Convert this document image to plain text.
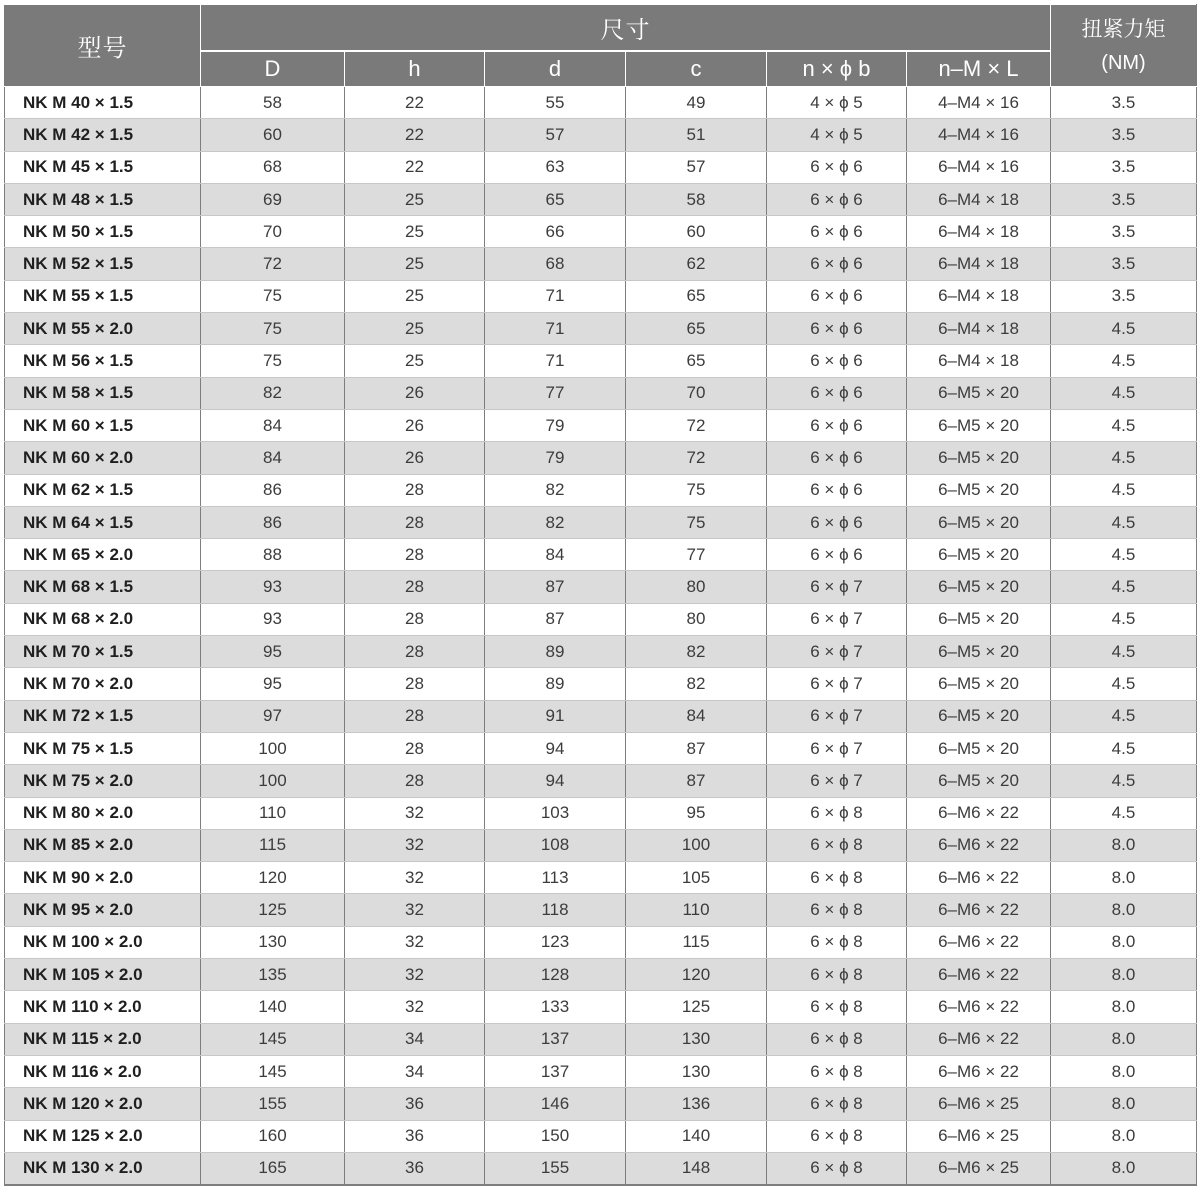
型号	尺寸						扭紧力矩
(NM)

	D	h	d	c	n × ϕ b	n–M × L	
NK M 40 × 1.5	58	22	55	49	4 × ϕ 5	4–M4 × 16	3.5
NK M 42 × 1.5	60	22	57	51	4 × ϕ 5	4–M4 × 16	3.5
NK M 45 × 1.5	68	22	63	57	6 × ϕ 6	6–M4 × 16	3.5
NK M 48 × 1.5	69	25	65	58	6 × ϕ 6	6–M4 × 18	3.5
NK M 50 × 1.5	70	25	66	60	6 × ϕ 6	6–M4 × 18	3.5
NK M 52 × 1.5	72	25	68	62	6 × ϕ 6	6–M4 × 18	3.5
NK M 55 × 1.5	75	25	71	65	6 × ϕ 6	6–M4 × 18	3.5
NK M 55 × 2.0	75	25	71	65	6 × ϕ 6	6–M4 × 18	4.5
NK M 56 × 1.5	75	25	71	65	6 × ϕ 6	6–M4 × 18	4.5
NK M 58 × 1.5	82	26	77	70	6 × ϕ 6	6–M5 × 20	4.5
NK M 60 × 1.5	84	26	79	72	6 × ϕ 6	6–M5 × 20	4.5
NK M 60 × 2.0	84	26	79	72	6 × ϕ 6	6–M5 × 20	4.5
NK M 62 × 1.5	86	28	82	75	6 × ϕ 6	6–M5 × 20	4.5
NK M 64 × 1.5	86	28	82	75	6 × ϕ 6	6–M5 × 20	4.5
NK M 65 × 2.0	88	28	84	77	6 × ϕ 6	6–M5 × 20	4.5
NK M 68 × 1.5	93	28	87	80	6 × ϕ 7	6–M5 × 20	4.5
NK M 68 × 2.0	93	28	87	80	6 × ϕ 7	6–M5 × 20	4.5
NK M 70 × 1.5	95	28	89	82	6 × ϕ 7	6–M5 × 20	4.5
NK M 70 × 2.0	95	28	89	82	6 × ϕ 7	6–M5 × 20	4.5
NK M 72 × 1.5	97	28	91	84	6 × ϕ 7	6–M5 × 20	4.5
NK M 75 × 1.5	100	28	94	87	6 × ϕ 7	6–M5 × 20	4.5
NK M 75 × 2.0	100	28	94	87	6 × ϕ 7	6–M5 × 20	4.5
NK M 80 × 2.0	110	32	103	95	6 × ϕ 8	6–M6 × 22	4.5
NK M 85 × 2.0	115	32	108	100	6 × ϕ 8	6–M6 × 22	8.0
NK M 90 × 2.0	120	32	113	105	6 × ϕ 8	6–M6 × 22	8.0
NK M 95 × 2.0	125	32	118	110	6 × ϕ 8	6–M6 × 22	8.0
NK M 100 × 2.0	130	32	123	115	6 × ϕ 8	6–M6 × 22	8.0
NK M 105 × 2.0	135	32	128	120	6 × ϕ 8	6–M6 × 22	8.0
NK M 110 × 2.0	140	32	133	125	6 × ϕ 8	6–M6 × 22	8.0
NK M 115 × 2.0	145	34	137	130	6 × ϕ 8	6–M6 × 22	8.0
NK M 116 × 2.0	145	34	137	130	6 × ϕ 8	6–M6 × 22	8.0
NK M 120 × 2.0	155	36	146	136	6 × ϕ 8	6–M6 × 25	8.0
NK M 125 × 2.0	160	36	150	140	6 × ϕ 8	6–M6 × 25	8.0
NK M 130 × 2.0	165	36	155	148	6 × ϕ 8	6–M6 × 25	8.0
